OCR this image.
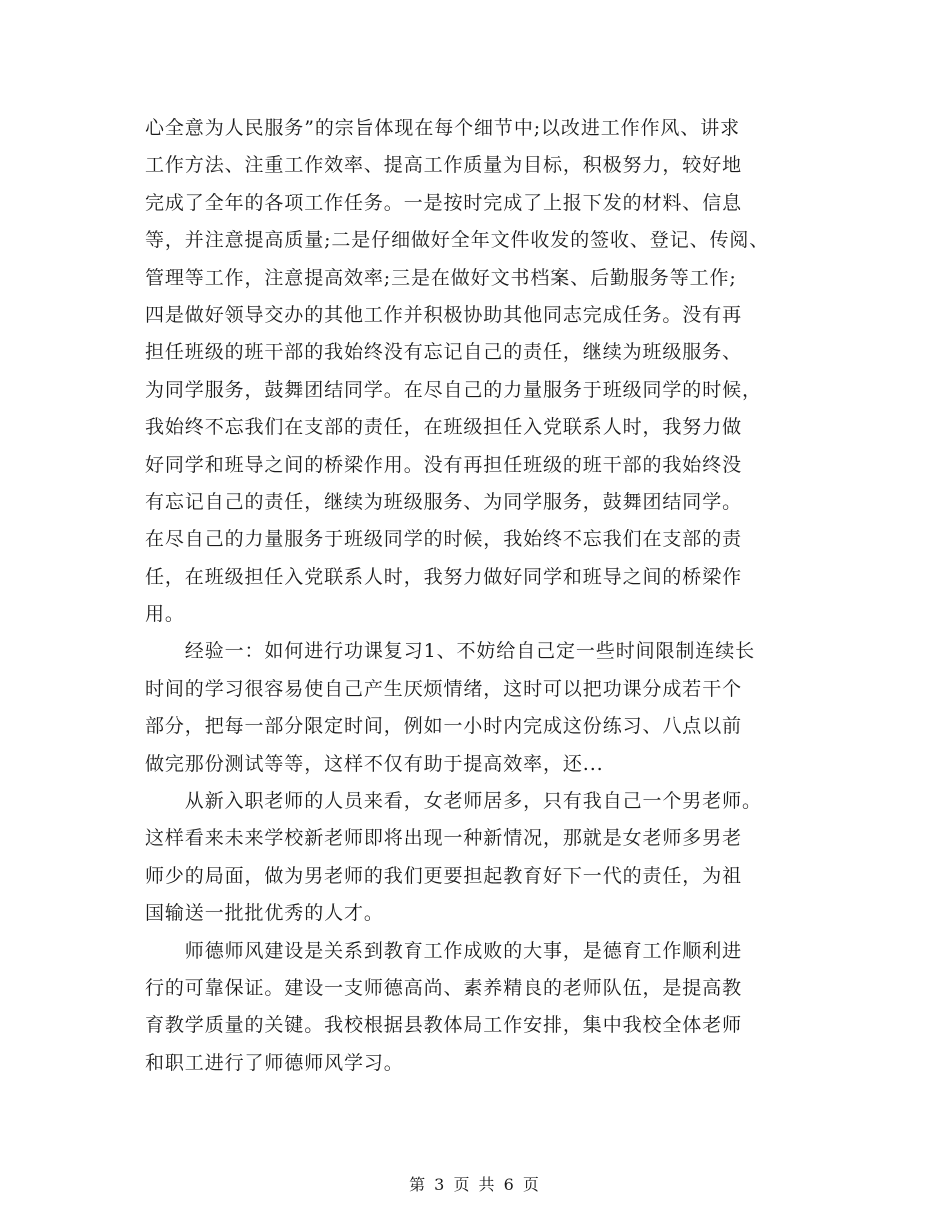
心全意为人民服务”的宗旨体现在每个细节中;以改进工作作风、讲求
工作方法、注重工作效率、提高工作质量为目标，积极努力，较好地
完成了全年的各项工作任务。一是按时完成了上报下发的材料、信息
等，并注意提高质量;二是仔细做好全年文件收发的签收、登记、传阅、
管理等工作，注意提高效率;三是在做好文书档案、后勤服务等工作;
四是做好领导交办的其他工作并积极协助其他同志完成任务。没有再
担任班级的班干部的我始终没有忘记自己的责任，继续为班级服务、
为同学服务，鼓舞团结同学。在尽自己的力量服务于班级同学的时候，
我始终不忘我们在支部的责任，在班级担任入党联系人时，我努力做
好同学和班导之间的桥梁作用。没有再担任班级的班干部的我始终没
有忘记自己的责任，继续为班级服务、为同学服务，鼓舞团结同学。
在尽自己的力量服务于班级同学的时候，我始终不忘我们在支部的责
任，在班级担任入党联系人时，我努力做好同学和班导之间的桥梁作
用。
　　经验一：如何进行功课复习1、不妨给自己定一些时间限制连续长
时间的学习很容易使自己产生厌烦情绪，这时可以把功课分成若干个
部分，把每一部分限定时间，例如一小时内完成这份练习、八点以前
做完那份测试等等，这样不仅有助于提高效率，还...
　　从新入职老师的人员来看，女老师居多，只有我自己一个男老师。
这样看来未来学校新老师即将出现一种新情况，那就是女老师多男老
师少的局面，做为男老师的我们更要担起教育好下一代的责任，为祖
国输送一批批优秀的人才。
　　师德师风建设是关系到教育工作成败的大事，是德育工作顺利进
行的可靠保证。建设一支师德高尚、素养精良的老师队伍，是提高教
育教学质量的关键。我校根据县教体局工作安排，集中我校全体老师
和职工进行了师德师风学习。
第 3 页 共 6 页
